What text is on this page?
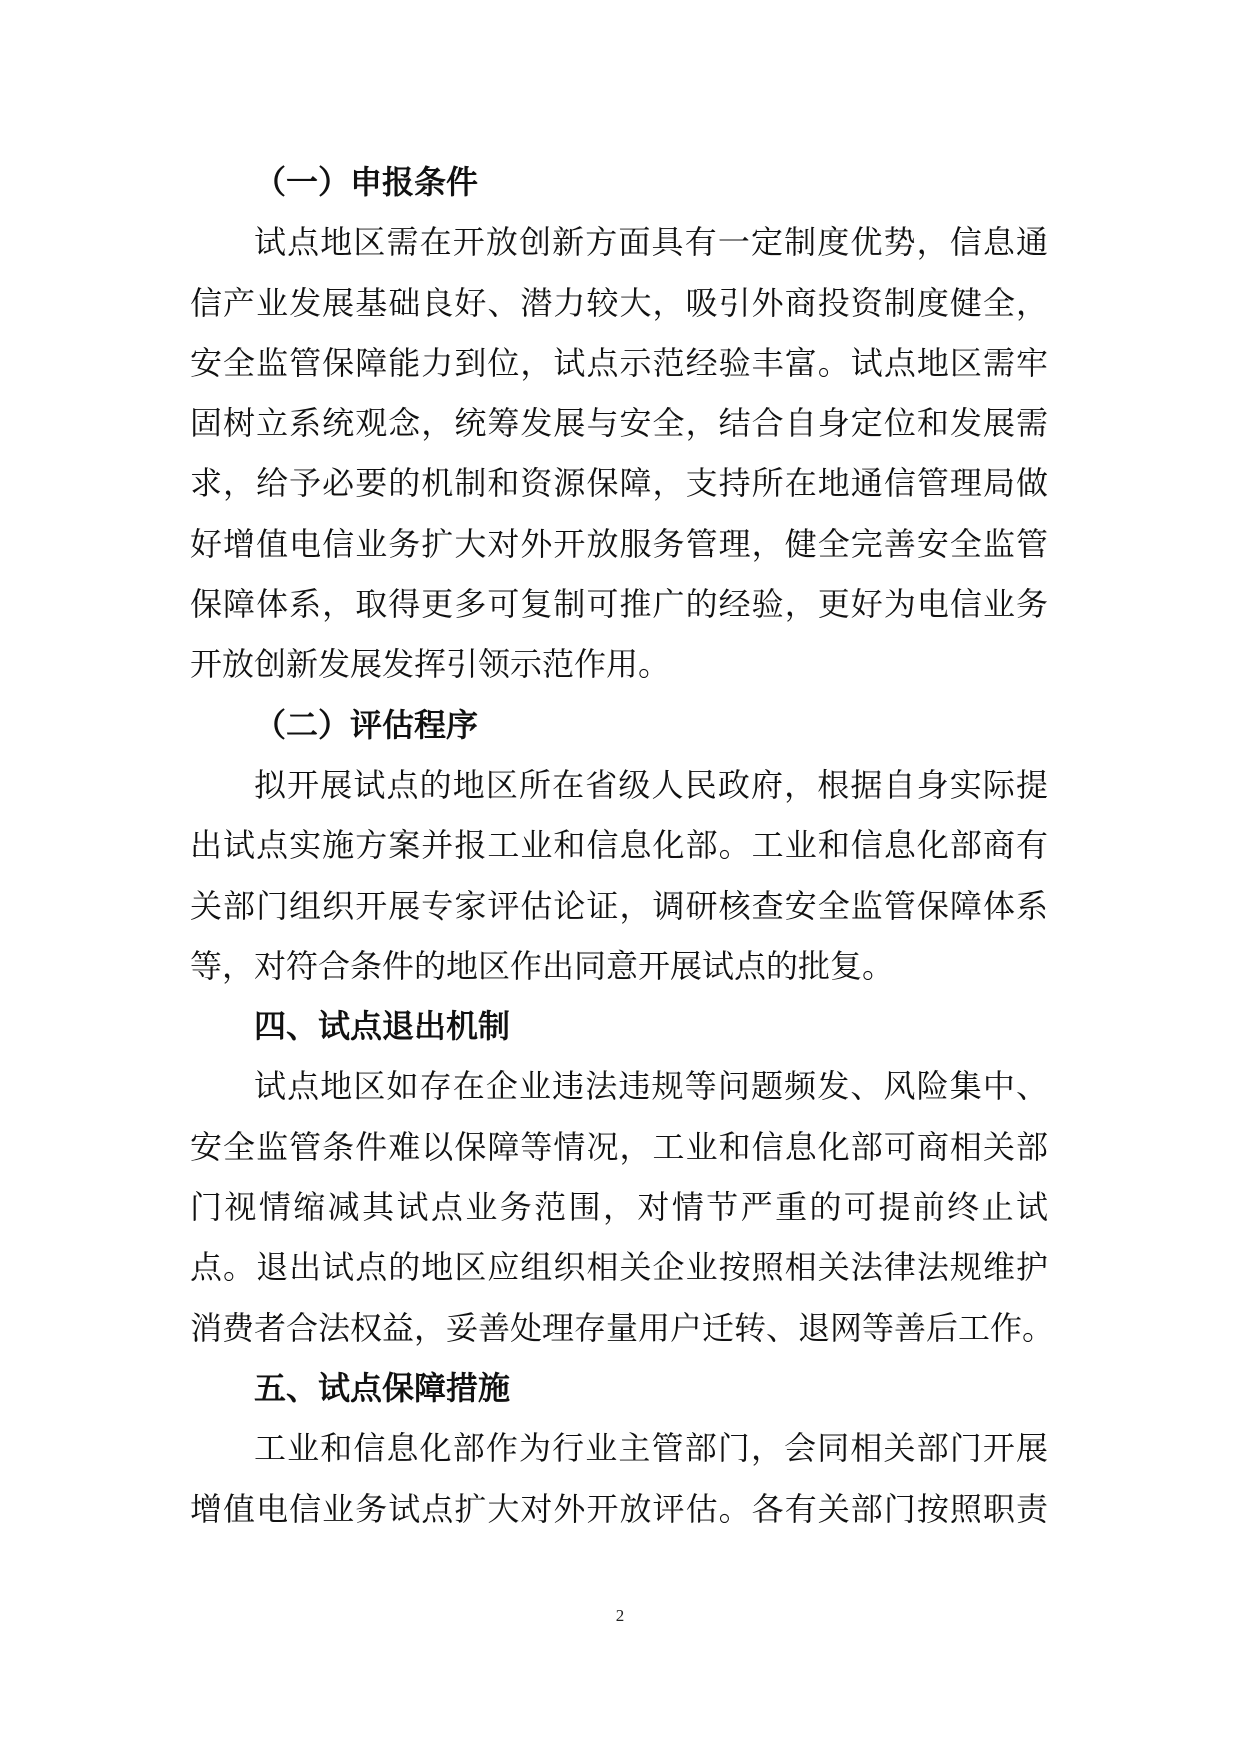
（一）申报条件
试点地区需在开放创新方面具有一定制度优势，信息通
信产业发展基础良好、潜力较大，吸引外商投资制度健全，
安全监管保障能力到位，试点示范经验丰富。试点地区需牢
固树立系统观念，统筹发展与安全，结合自身定位和发展需
求，给予必要的机制和资源保障，支持所在地通信管理局做
好增值电信业务扩大对外开放服务管理，健全完善安全监管
保障体系，取得更多可复制可推广的经验，更好为电信业务
开放创新发展发挥引领示范作用。
（二）评估程序
拟开展试点的地区所在省级人民政府，根据自身实际提
出试点实施方案并报工业和信息化部。工业和信息化部商有
关部门组织开展专家评估论证，调研核查安全监管保障体系
等，对符合条件的地区作出同意开展试点的批复。
四、试点退出机制
试点地区如存在企业违法违规等问题频发、风险集中、
安全监管条件难以保障等情况，工业和信息化部可商相关部
门视情缩减其试点业务范围，对情节严重的可提前终止试
点。退出试点的地区应组织相关企业按照相关法律法规维护
消费者合法权益，妥善处理存量用户迁转、退网等善后工作。
五、试点保障措施
工业和信息化部作为行业主管部门，会同相关部门开展
增值电信业务试点扩大对外开放评估。各有关部门按照职责
2
